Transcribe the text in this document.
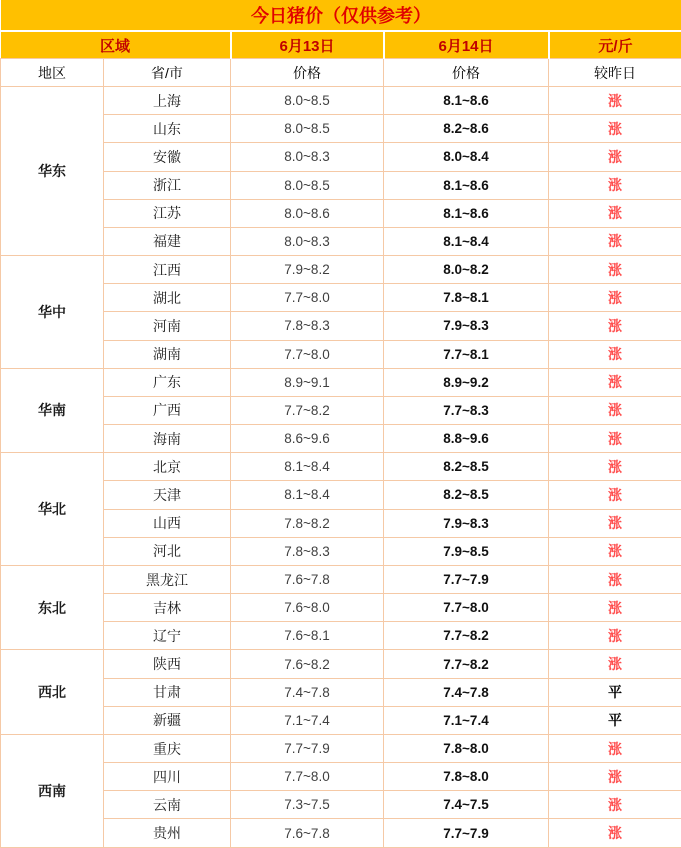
今日猪价（仅供参考）				
区域		6月13日	6月14日	元/斤
地区	省/市	价格	价格	较昨日
华东	上海	8.0~8.5	8.1~8.6	涨
	山东	8.0~8.5	8.2~8.6	涨
	安徽	8.0~8.3	8.0~8.4	涨
	浙江	8.0~8.5	8.1~8.6	涨
	江苏	8.0~8.6	8.1~8.6	涨
	福建	8.0~8.3	8.1~8.4	涨
华中	江西	7.9~8.2	8.0~8.2	涨
	湖北	7.7~8.0	7.8~8.1	涨
	河南	7.8~8.3	7.9~8.3	涨
	湖南	7.7~8.0	7.7~8.1	涨
华南	广东	8.9~9.1	8.9~9.2	涨
	广西	7.7~8.2	7.7~8.3	涨
	海南	8.6~9.6	8.8~9.6	涨
华北	北京	8.1~8.4	8.2~8.5	涨
	天津	8.1~8.4	8.2~8.5	涨
	山西	7.8~8.2	7.9~8.3	涨
	河北	7.8~8.3	7.9~8.5	涨
东北	黑龙江	7.6~7.8	7.7~7.9	涨
	吉林	7.6~8.0	7.7~8.0	涨
	辽宁	7.6~8.1	7.7~8.2	涨
西北	陕西	7.6~8.2	7.7~8.2	涨
	甘肃	7.4~7.8	7.4~7.8	平
	新疆	7.1~7.4	7.1~7.4	平
西南	重庆	7.7~7.9	7.8~8.0	涨
	四川	7.7~8.0	7.8~8.0	涨
	云南	7.3~7.5	7.4~7.5	涨
	贵州	7.6~7.8	7.7~7.9	涨
